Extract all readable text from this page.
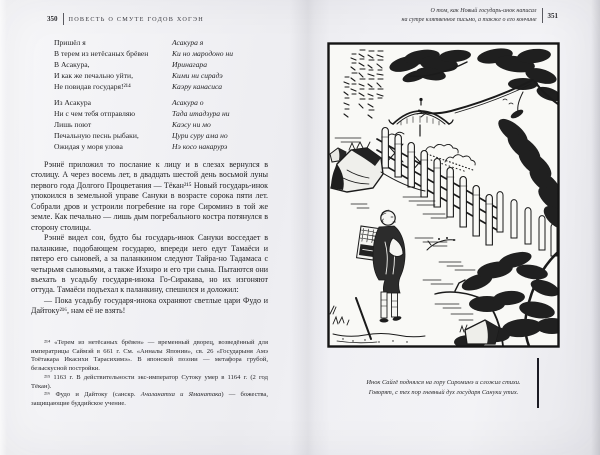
350 ПОВЕСТЬ О СМУТЕ ГОДОВ ХОГЭН
Пришёл я
В терем из нетёсаных брёвен
В Асакура,
И как же печально уйти,
Не повидав государя!²¹⁴
Из Асакура
Ни с чем тебя отправляю
Лишь поют
Печальную песнь рыбаки,
Ожидая у моря улова
Асакура я
Ки но мародоно ни
Иринагара
Кими ни сирадэ
Каэру канасиса
Асакура о
Тада итадзура ни
Каэсу ни мо
Цури суру ама но
Нэ косо накарурэ

Рэннё приложил то послание к лицу и в слезах вернулся в столицу. А через восемь лет, в двадцать шестой день восьмой луны первого года Долгого Процветания — Тёкан²¹⁵ Новый государь-инок упокоился в земельной управе Сануки в возрасте сорока пяти лет. Собрали дров и устроили погребение на горе Сироминэ в той же земле. Как печально — лишь дым погребального костра потянулся в сторону столицы.

Рэннё видел сон, будто бы государь-инок Сануки восседает в паланкине, подобающем государю, впереди него едут Тамаёси и пятеро его сыновей, а за паланкином следуют Тайра-но Тадамаса с четырьмя сыновьями, а также Иэхиро и его три сына. Пытаются они въехать в усадьбу государя-инока Го-Сиракава, но их изгоняют оттуда. Тамаёси подъехал к паланкину, спешился и доложил:

— Пока усадьбу государя-инока охраняют светлые цари Фудо и Дайтоку²¹⁶, нам её не взять!

²¹⁴ «Терем из нетёсаных брёвен» — временный дворец, возведённый для императрицы Саймэй в 661 г. См. «Анналы Японии», св. 26 «Государыня Амэ Тоётакара Икасихи Тарасихимэ». В японской поэзии — метафора грубой, безыскусной постройки.

²¹⁵ 1163 г. В действительности экс-император Сутоку умер в 1164 г. (2 год Тёкан).

²¹⁶ Фудо и Дайтоку (санскр. Ачаланатха и Яманатака) — божества, защищающие буддийское учение.

О том, как Новый государь-инок написал
на сутре клятвенное письмо, а также о его кончине 351
Инок Сайгё поднялся на гору Сироминэ и сложил стихи.
Говорят, с тех пор гневный дух государя Сануки утих.
